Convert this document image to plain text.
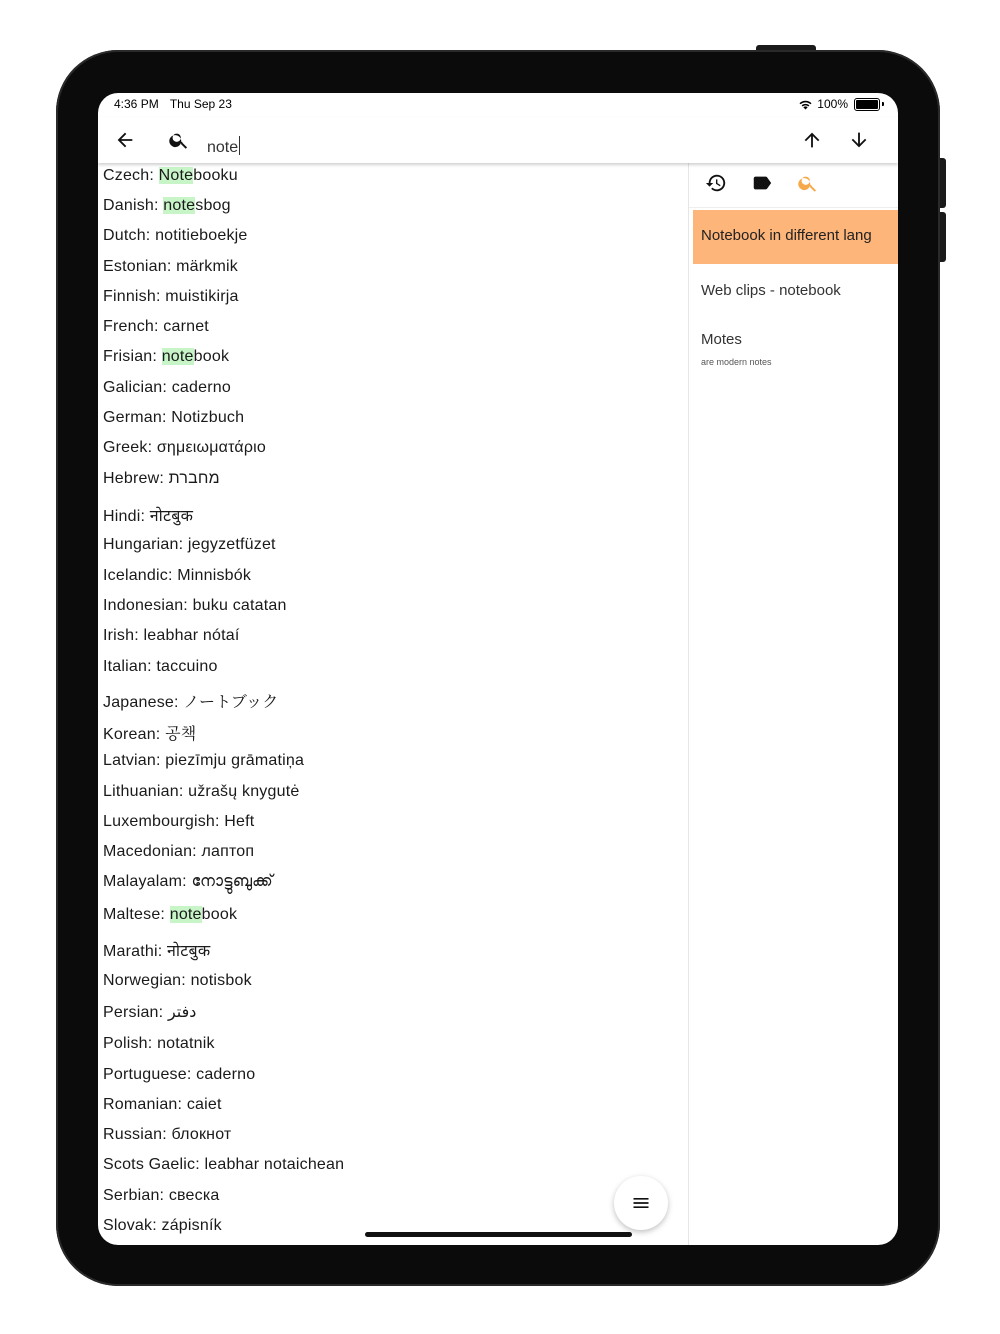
4:36 PM Thu Sep 23	100%
note
Czech: Notebooku
Danish: notesbog
Dutch: notitieboekje
Estonian: märkmik
Finnish: muistikirja
French: carnet
Frisian: notebook
Galician: caderno
German: Notizbuch
Greek: σημειωματάριο
Hebrew: מחברת
Hindi: नोटबुक
Hungarian: jegyzetfüzet
Icelandic: Minnisbók
Indonesian: buku catatan
Irish: leabhar nótaí
Italian: taccuino
Japanese: ノートブック
Korean: 공책
Latvian: piezīmju grāmatiņa
Lithuanian: užrašų knygutė
Luxembourgish: Heft
Macedonian: лаптоп
Malayalam: നോട്ടുബുക്ക്
Maltese: notebook
Marathi: नोटबुक
Norwegian: notisbok
Persian: دفتر
Polish: notatnik
Portuguese: caderno
Romanian: caiet
Russian: блокнот
Scots Gaelic: leabhar notaichean
Serbian: свеска
Slovak: zápisník
Notebook in different lang
Web clips - notebook
Motes
are modern notes
